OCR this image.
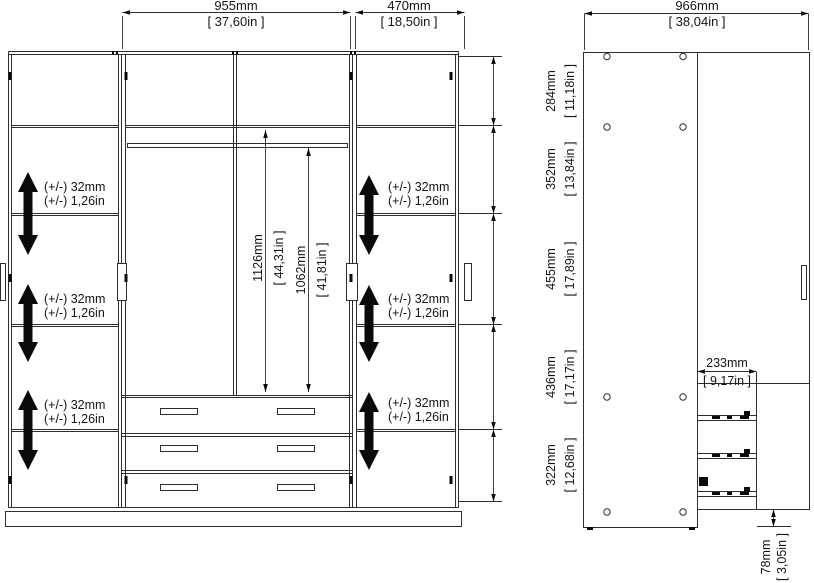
(+/-) 32mm
(+/-) 1,26in
(+/-) 32mm
(+/-) 1,26in
(+/-) 32mm
(+/-) 1,26in
(+/-) 32mm
(+/-) 1,26in
(+/-) 32mm
(+/-) 1,26in
(+/-) 32mm
(+/-) 1,26in
955mm
[ 37,60in ]
470mm
[ 18,50in ]
284mm [ 11,18in ]
352mm [ 13,84in ]
455mm [ 17,89in ]
436mm [ 17,17in ]
322mm [ 12,68in ]
1126mm [ 44,31in ] 1062mm [ 41,81in ]
966mm
[ 38,04in ]
233mm
[ 9,17in ]
78mm [ 3,05in ]
